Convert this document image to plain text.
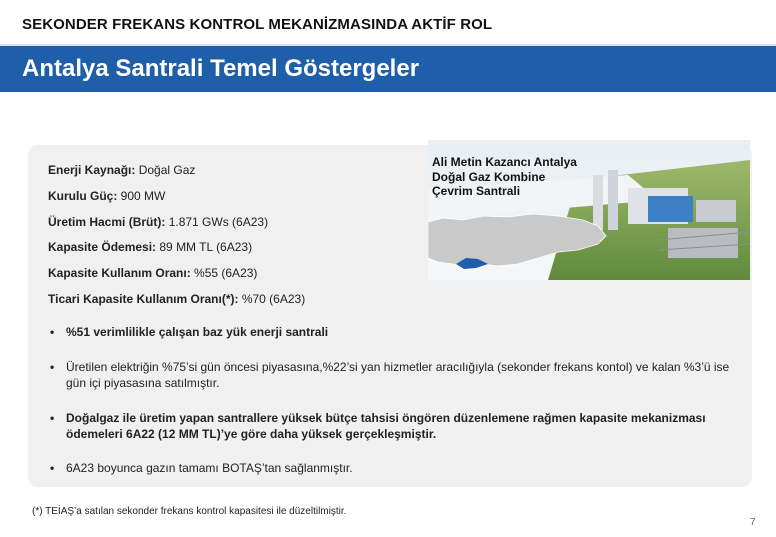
SEKONDER FREKANS KONTROL MEKANİZMASINDA AKTİF ROL
Antalya Santrali Temel Göstergeler
Enerji Kaynağı: Doğal Gaz
Kurulu Güç: 900 MW
Üretim Hacmi (Brüt): 1.871 GWs (6A23)
Kapasite Ödemesi: 89 MM TL (6A23)
Kapasite Kullanım Oranı: %55 (6A23)
Ticari Kapasite Kullanım Oranı(*): %70 (6A23)
Ali Metin Kazancı Antalya
Doğal Gaz Kombine
Çevrim Santrali
• %51 verimlilikle çalışan baz yük enerji santrali
• Üretilen elektriğin %75’si gün öncesi piyasasına,%22’si yan hizmetler aracılığıyla (sekonder frekans kontol) ve kalan %3’ü ise gün içi piyasasına satılmıştır.
• Doğalgaz ile üretim yapan santrallere yüksek bütçe tahsisi öngören düzenlemene rağmen kapasite mekanizması ödemeleri 6A22 (12 MM TL)’ye göre daha yüksek gerçekleşmiştir.
• 6A23 boyunca gazın tamamı BOTAŞ’tan sağlanmıştır.
(*) TEİAŞ’a satılan sekonder frekans kontrol kapasitesi ile düzeltilmiştir.
7
